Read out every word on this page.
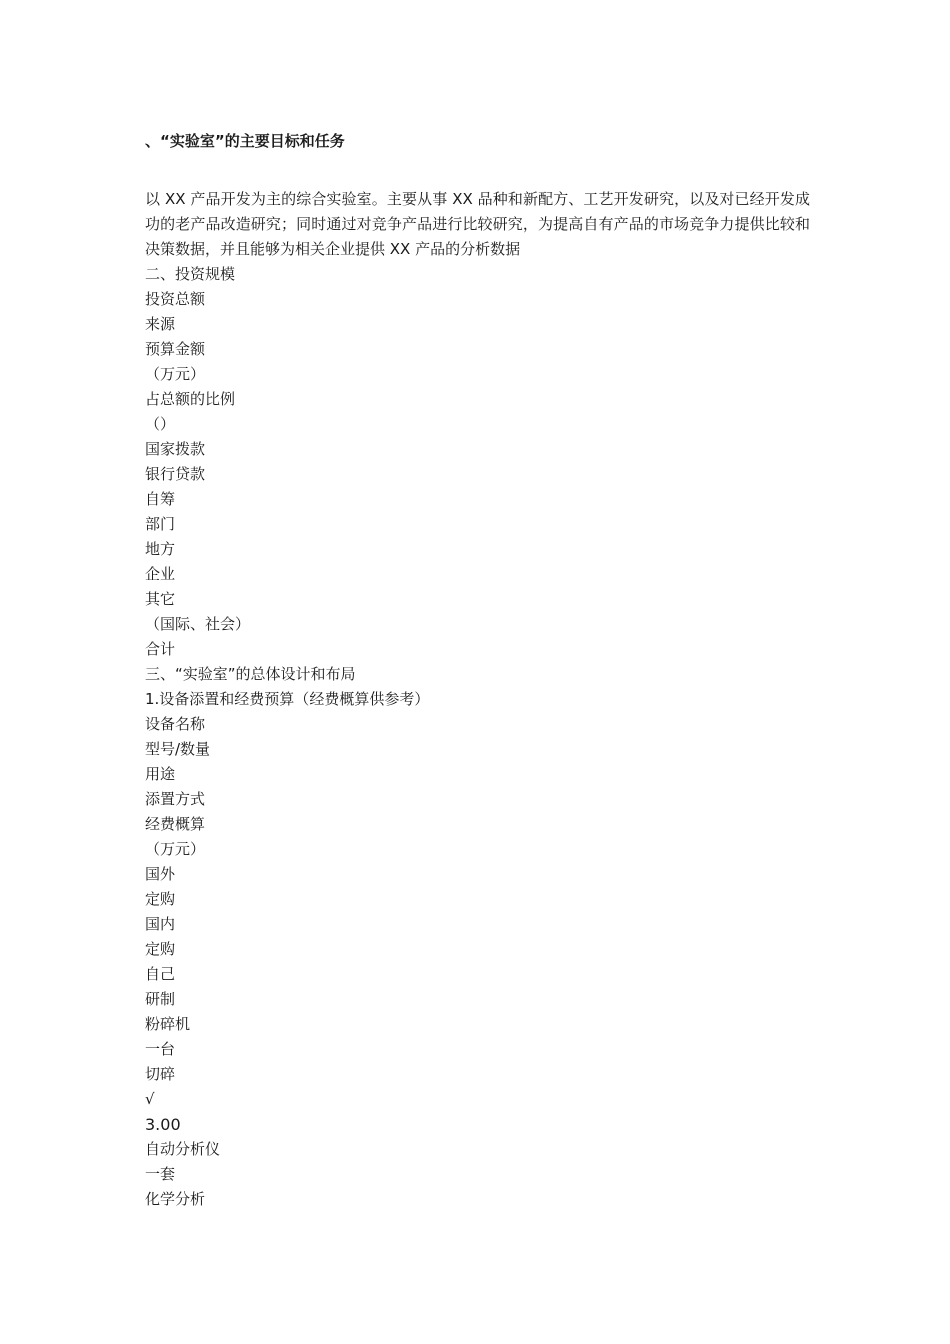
、“实验室”的主要目标和任务

以 XX 产品开发为主的综合实验室。主要从事 XX 品种和新配方、工艺开发研究，以及对已经开发成功的老产品改造研究；同时通过对竞争产品进行比较研究，为提高自有产品的市场竞争力提供比较和决策数据，并且能够为相关企业提供 XX 产品的分析数据

二、投资规模
投资总额
来源
预算金额
（万元）
占总额的比例
（）
国家拨款
银行贷款
自筹
部门
地方
企业
其它
（国际、社会）
合计
三、“实验室”的总体设计和布局
1.设备添置和经费预算（经费概算供参考）
设备名称
型号/数量
用途
添置方式
经费概算
（万元）
国外
定购
国内
定购
自己
研制
粉碎机
一台
切碎
√
3.00
自动分析仪
一套
化学分析
